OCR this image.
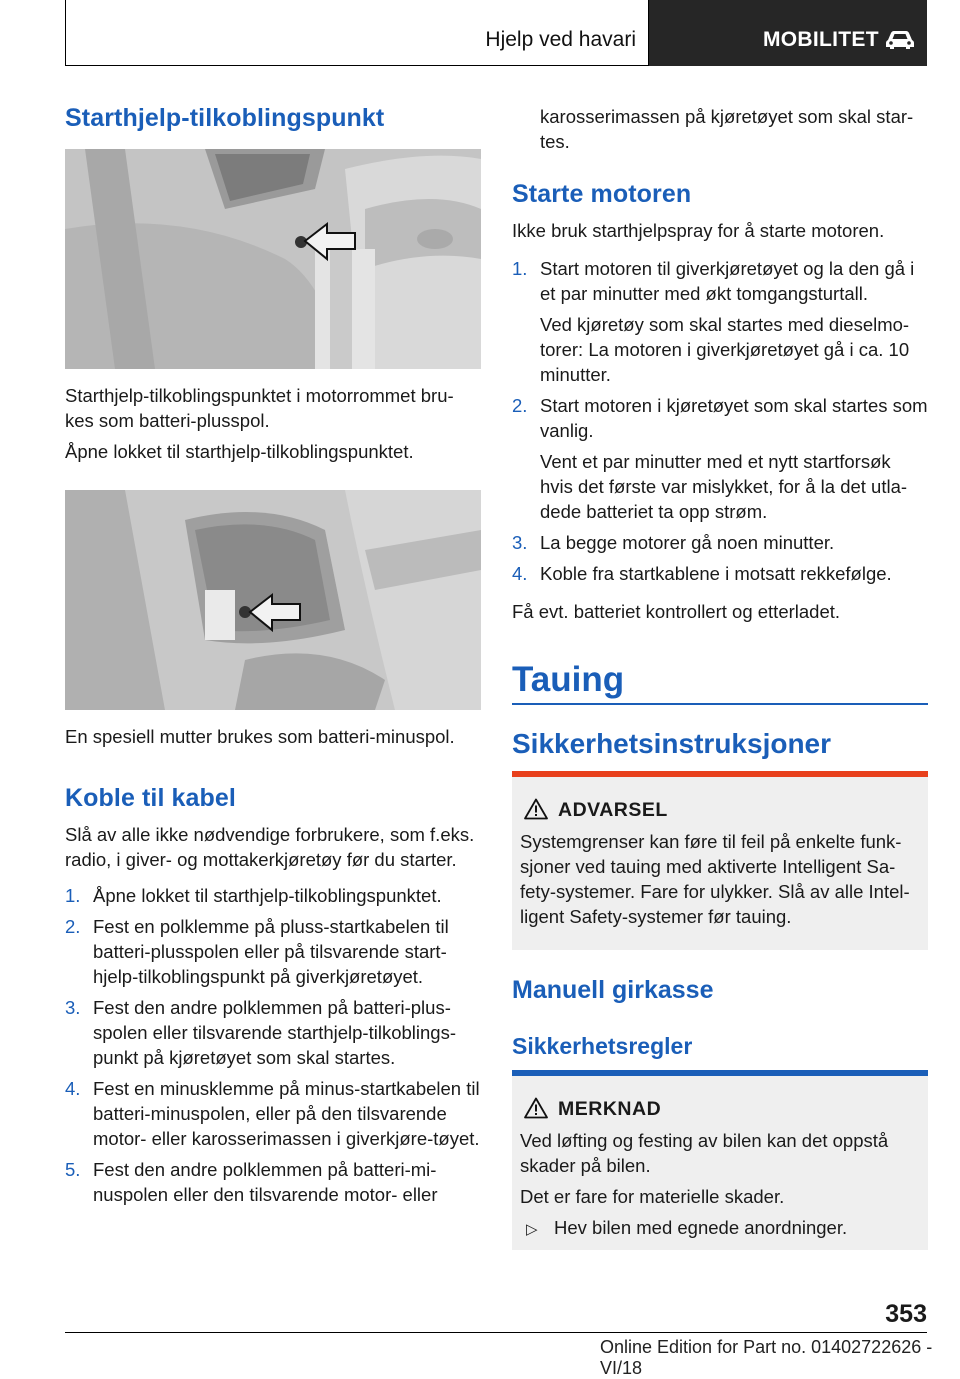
Hjelp ved havari	MOBILITET
Starthjelp-tilkoblingspunkt
Starthjelp-tilkoblingspunktet i motorrommet bru-kes som batteri-plusspol.
Åpne lokket til starthjelp-tilkoblingspunktet.
En spesiell mutter brukes som batteri-minuspol.
Koble til kabel
Slå av alle ikke nødvendige forbrukere, som f.eks. radio, i giver- og mottakerkjøretøy før du starter.
1. Åpne lokket til starthjelp-tilkoblingspunktet.
2. Fest en polklemme på pluss-startkabelen til batteri-plusspolen eller på tilsvarende start-hjelp-tilkoblingspunkt på giverkjøretøyet.
3. Fest den andre polklemmen på batteri-plus-spolen eller tilsvarende starthjelp-tilkoblings-punkt på kjøretøyet som skal startes.
4. Fest en minusklemme på minus-startkabelen til batteri-minuspolen, eller på den tilsvarende motor- eller karosserimassen i giverkjøre-tøyet.
5. Fest den andre polklemmen på batteri-mi-nuspolen eller den tilsvarende motor- eller
karosserimassen på kjøretøyet som skal star-tes.
Starte motoren
Ikke bruk starthjelpspray for å starte motoren.
1. Start motoren til giverkjøretøyet og la den gå i et par minutter med økt tomgangsturtall.
Ved kjøretøy som skal startes med dieselmo-torer: La motoren i giverkjøretøyet gå i ca. 10 minutter.
2. Start motoren i kjøretøyet som skal startes som vanlig.
Vent et par minutter med et nytt startforsøk hvis det første var mislykket, for å la det utla-dede batteriet ta opp strøm.
3. La begge motorer gå noen minutter.
4. Koble fra startkablene i motsatt rekkefølge.
Få evt. batteriet kontrollert og etterladet.
Tauing
Sikkerhetsinstruksjoner
ADVARSEL
Systemgrenser kan føre til feil på enkelte funk-sjoner ved tauing med aktiverte Intelligent Sa-fety-systemer. Fare for ulykker. Slå av alle Intel-ligent Safety-systemer før tauing.
Manuell girkasse
Sikkerhetsregler
MERKNAD
Ved løfting og festing av bilen kan det oppstå skader på bilen.
Det er fare for materielle skader.
▷ Hev bilen med egnede anordninger.
353
Online Edition for Part no. 01402722626 - VI/18
